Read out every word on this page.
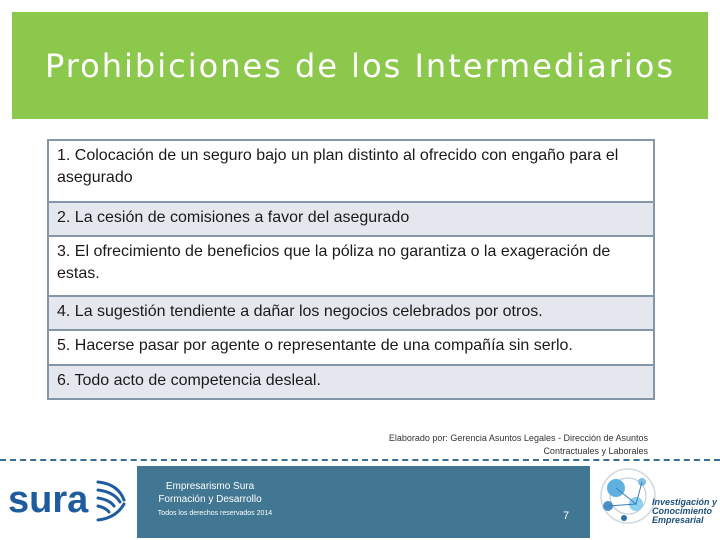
Prohibiciones de los Intermediarios
1. Colocación de un seguro bajo un plan distinto al ofrecido con engaño para el asegurado
2. La cesión de comisiones a favor del asegurado
3. El ofrecimiento de beneficios que la póliza no garantiza o la exageración de estas.
4. La sugestión tendiente a dañar los negocios celebrados por otros.
5. Hacerse pasar por agente o representante de una compañía sin serlo.
6. Todo acto de competencia desleal.
Elaborado por: Gerencia Asuntos Legales - Dirección de Asuntos
Contractuales y Laborales
sura	Empresarismo Sura
Formación y Desarrollo
Todos los derechos reservados 2014	7
Investigación y
Conocimiento
Empresarial
